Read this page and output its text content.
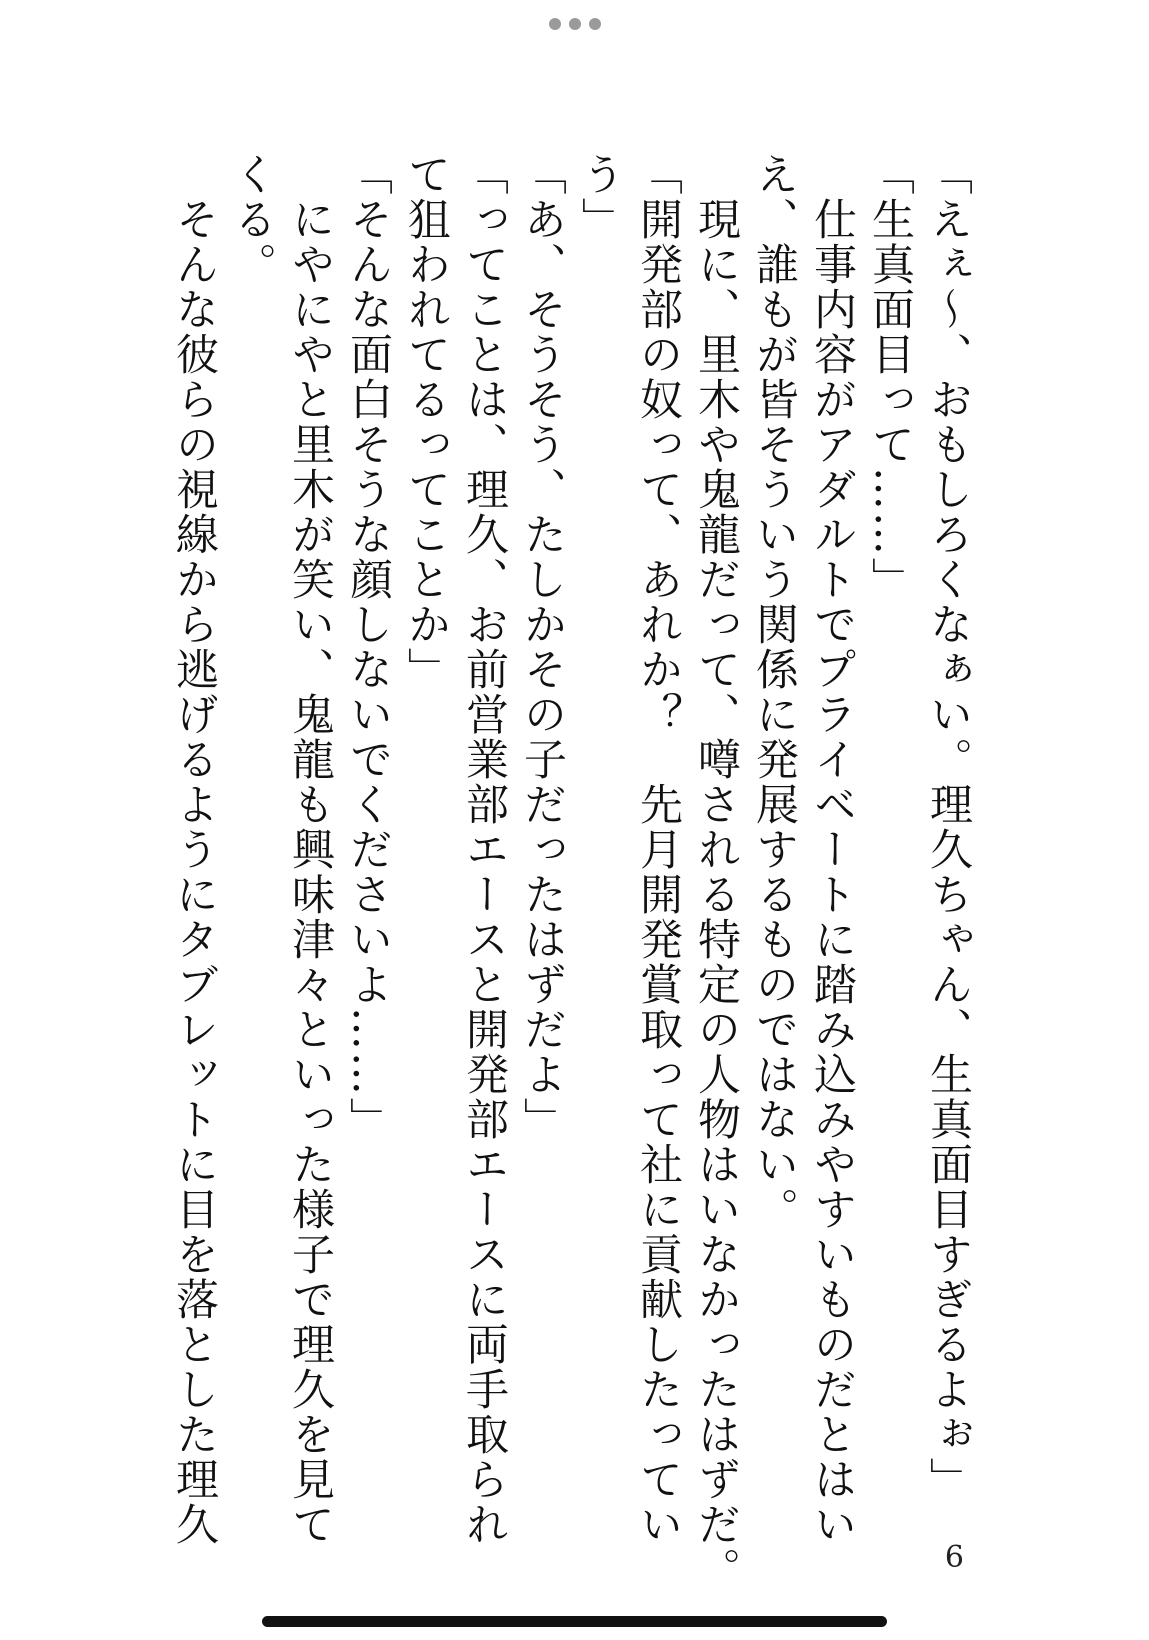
「えぇ〜、おもしろくなぁい。理久ちゃん、生真面目すぎるよぉ」

「生真面目って……」

　仕事内容がアダルトでプライベートに踏み込みやすいものだとはい

え、誰もが皆そういう関係に発展するものではない。

　現に、里木や鬼龍だって、噂される特定の人物はいなかったはずだ。

「開発部の奴って、あれか？　先月開発賞取って社に貢献したってい

う」

「あ、そうそう、たしかその子だったはずだよ」

「ってことは、理久、お前営業部エースと開発部エースに両手取られ

て狙われてるってことか」

「そんな面白そうな顔しないでくださいよ……」

　にやにやと里木が笑い、鬼龍も興味津々といった様子で理久を見て

くる。

　そんな彼らの視線から逃げるようにタブレットに目を落とした理久

6
